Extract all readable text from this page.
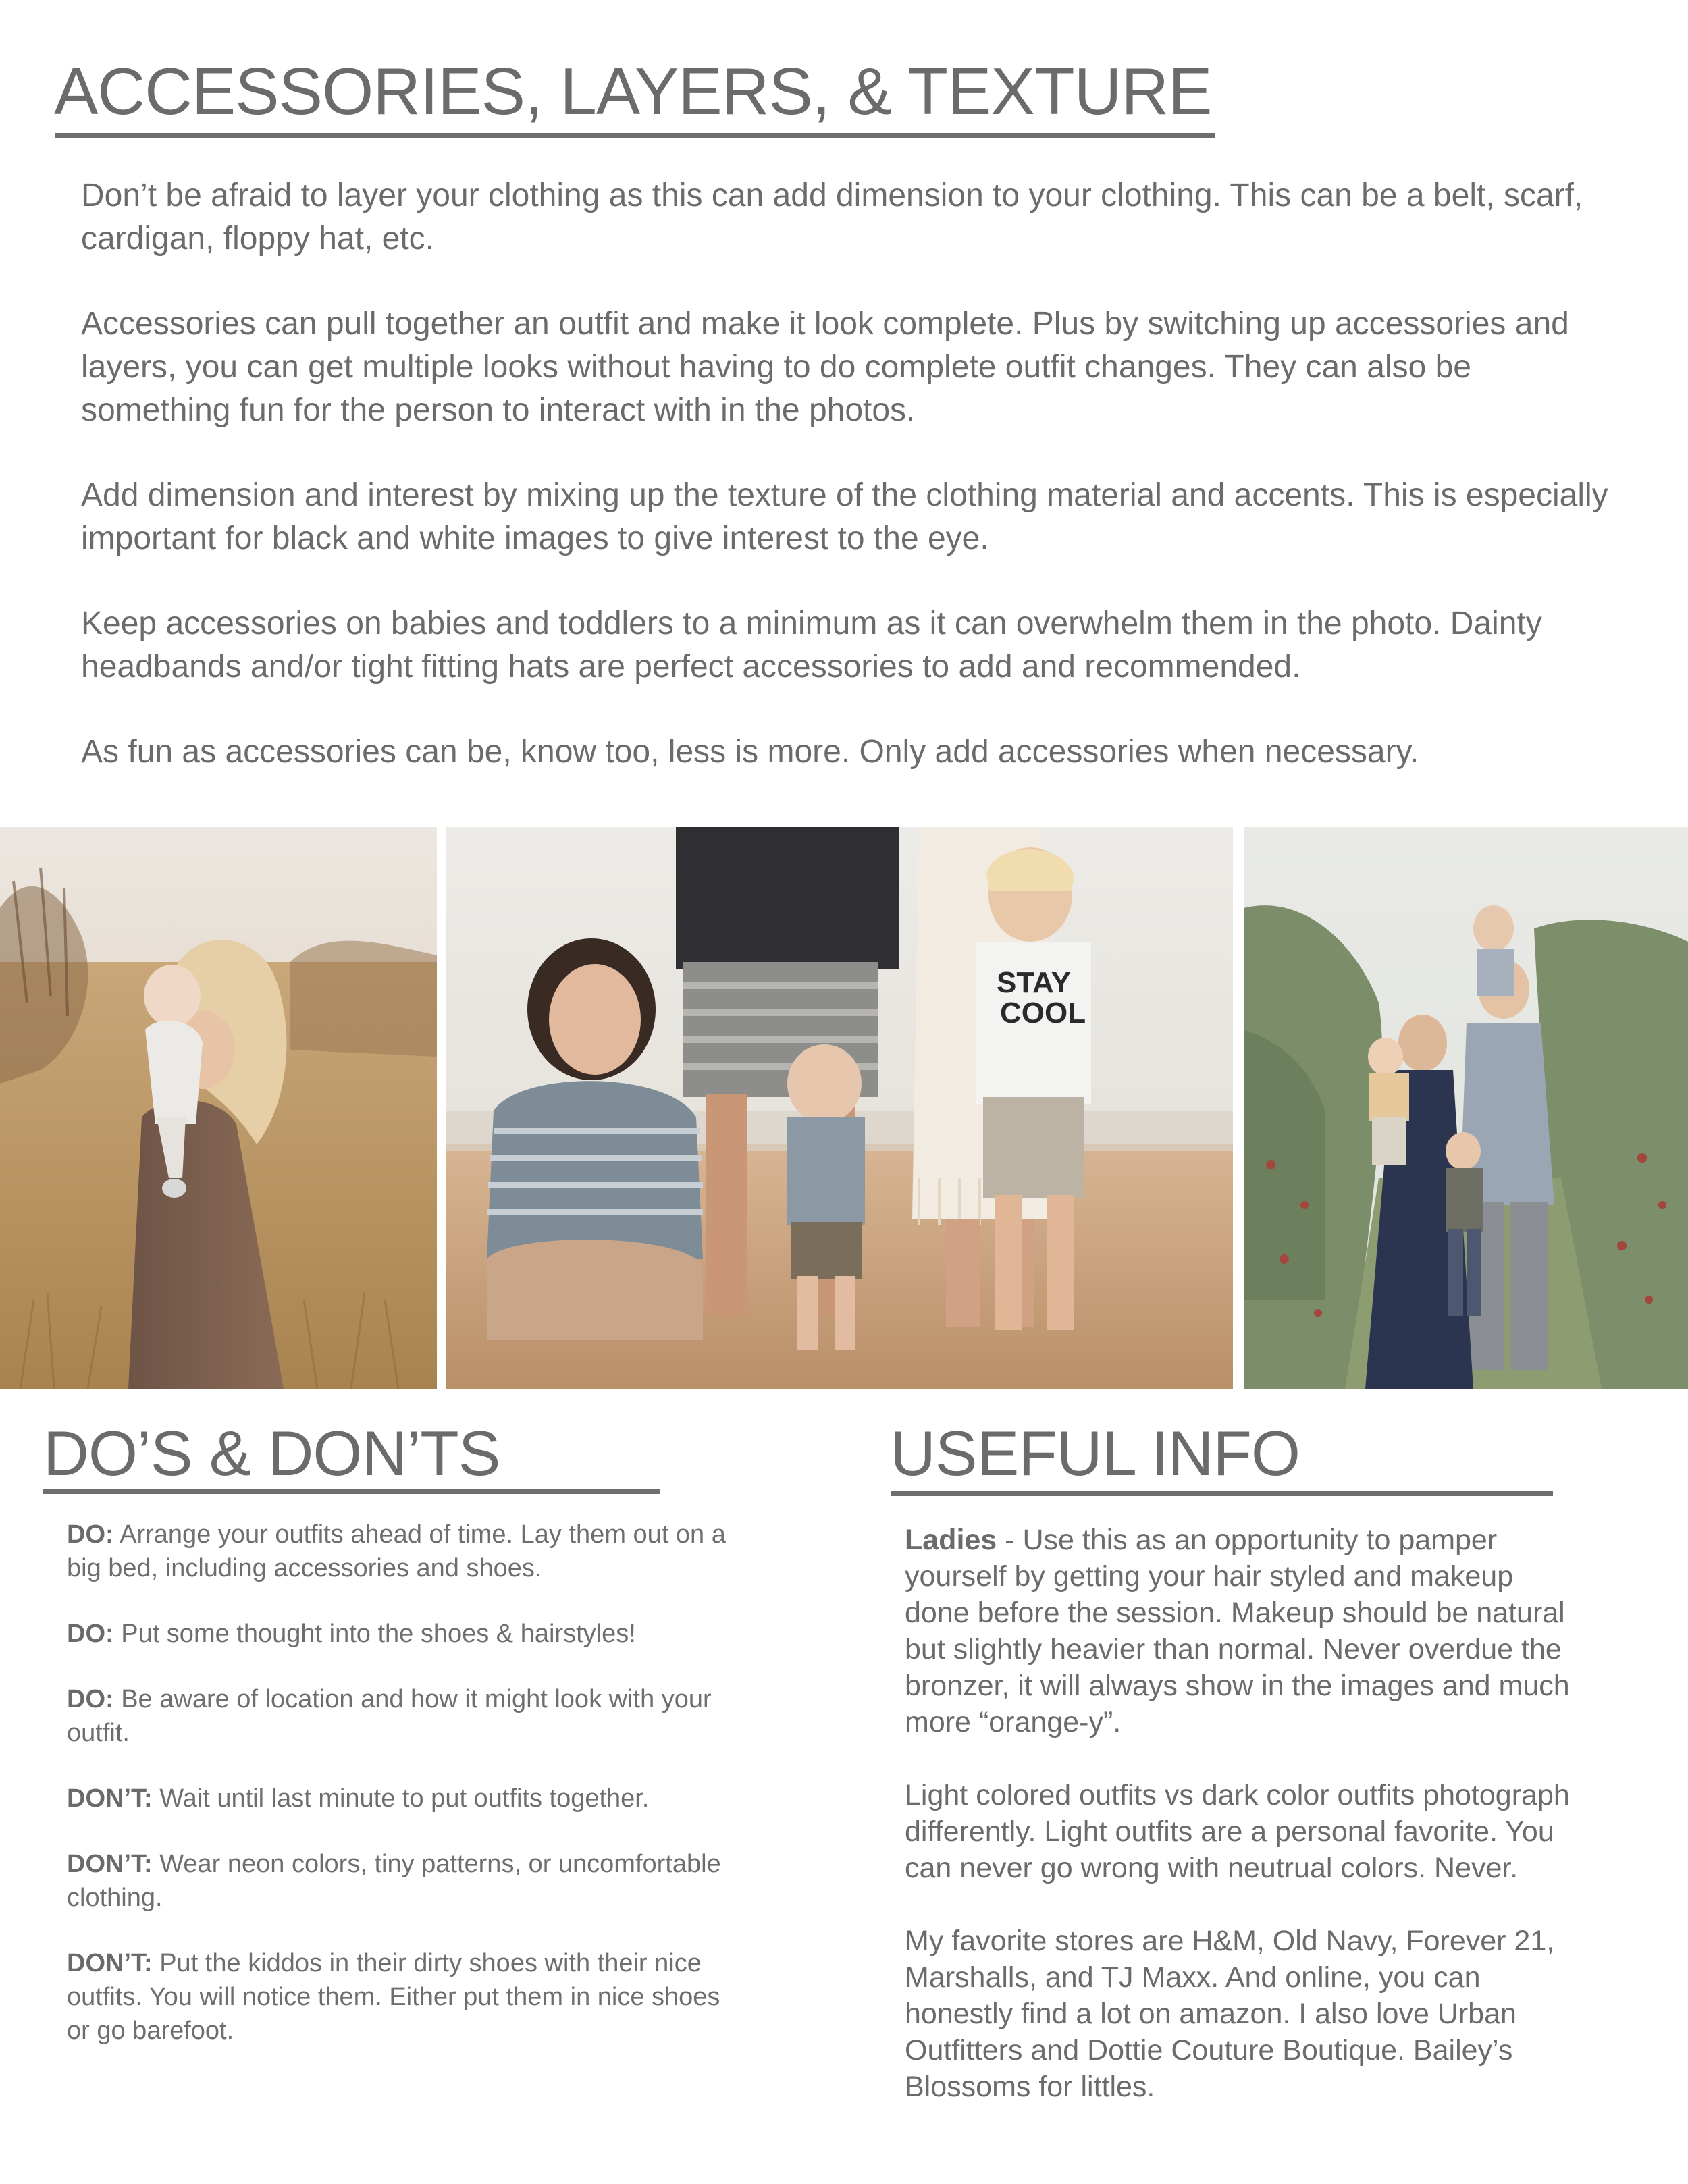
ACCESSORIES, LAYERS, & TEXTURE

Don’t be afraid to layer your clothing as this can add dimension to your clothing. This can be a belt, scarf, cardigan, floppy hat, etc.

Accessories can pull together an outfit and make it look complete. Plus by switching up accessories and layers, you can get multiple looks without having to do complete outfit changes. They can also be something fun for the person to interact with in the photos.

Add dimension and interest by mixing up the texture of the clothing material and accents. This is especially important for black and white images to give interest to the eye.

Keep accessories on babies and toddlers to a minimum as it can overwhelm them in the photo. Dainty headbands and/or tight fitting hats are perfect accessories to add and recommended.

As fun as accessories can be, know too, less is more. Only add accessories when necessary.

STAY
COOL
DO’S & DON’TS

DO: Arrange your outfits ahead of time. Lay them out on a big bed, including accessories and shoes.

DO: Put some thought into the shoes & hairstyles!

DO: Be aware of location and how it might look with your outfit.

DON’T: Wait until last minute to put outfits together.

DON’T: Wear neon colors, tiny patterns, or uncomfortable clothing.

DON’T: Put the kiddos in their dirty shoes with their nice outfits. You will notice them. Either put them in nice shoes or go barefoot.

USEFUL INFO

Ladies - Use this as an opportunity to pamper yourself by getting your hair styled and makeup done before the session. Makeup should be natural but slightly heavier than normal. Never overdue the bronzer, it will always show in the images and much more “orange-y”.

Light colored outfits vs dark color outfits photograph differently. Light outfits are a personal favorite. You can never go wrong with neutrual colors. Never.

My favorite stores are H&M, Old Navy, Forever 21, Marshalls, and TJ Maxx. And online, you can honestly find a lot on amazon. I also love Urban Outfitters and Dottie Couture Boutique. Bailey’s Blossoms for littles.
